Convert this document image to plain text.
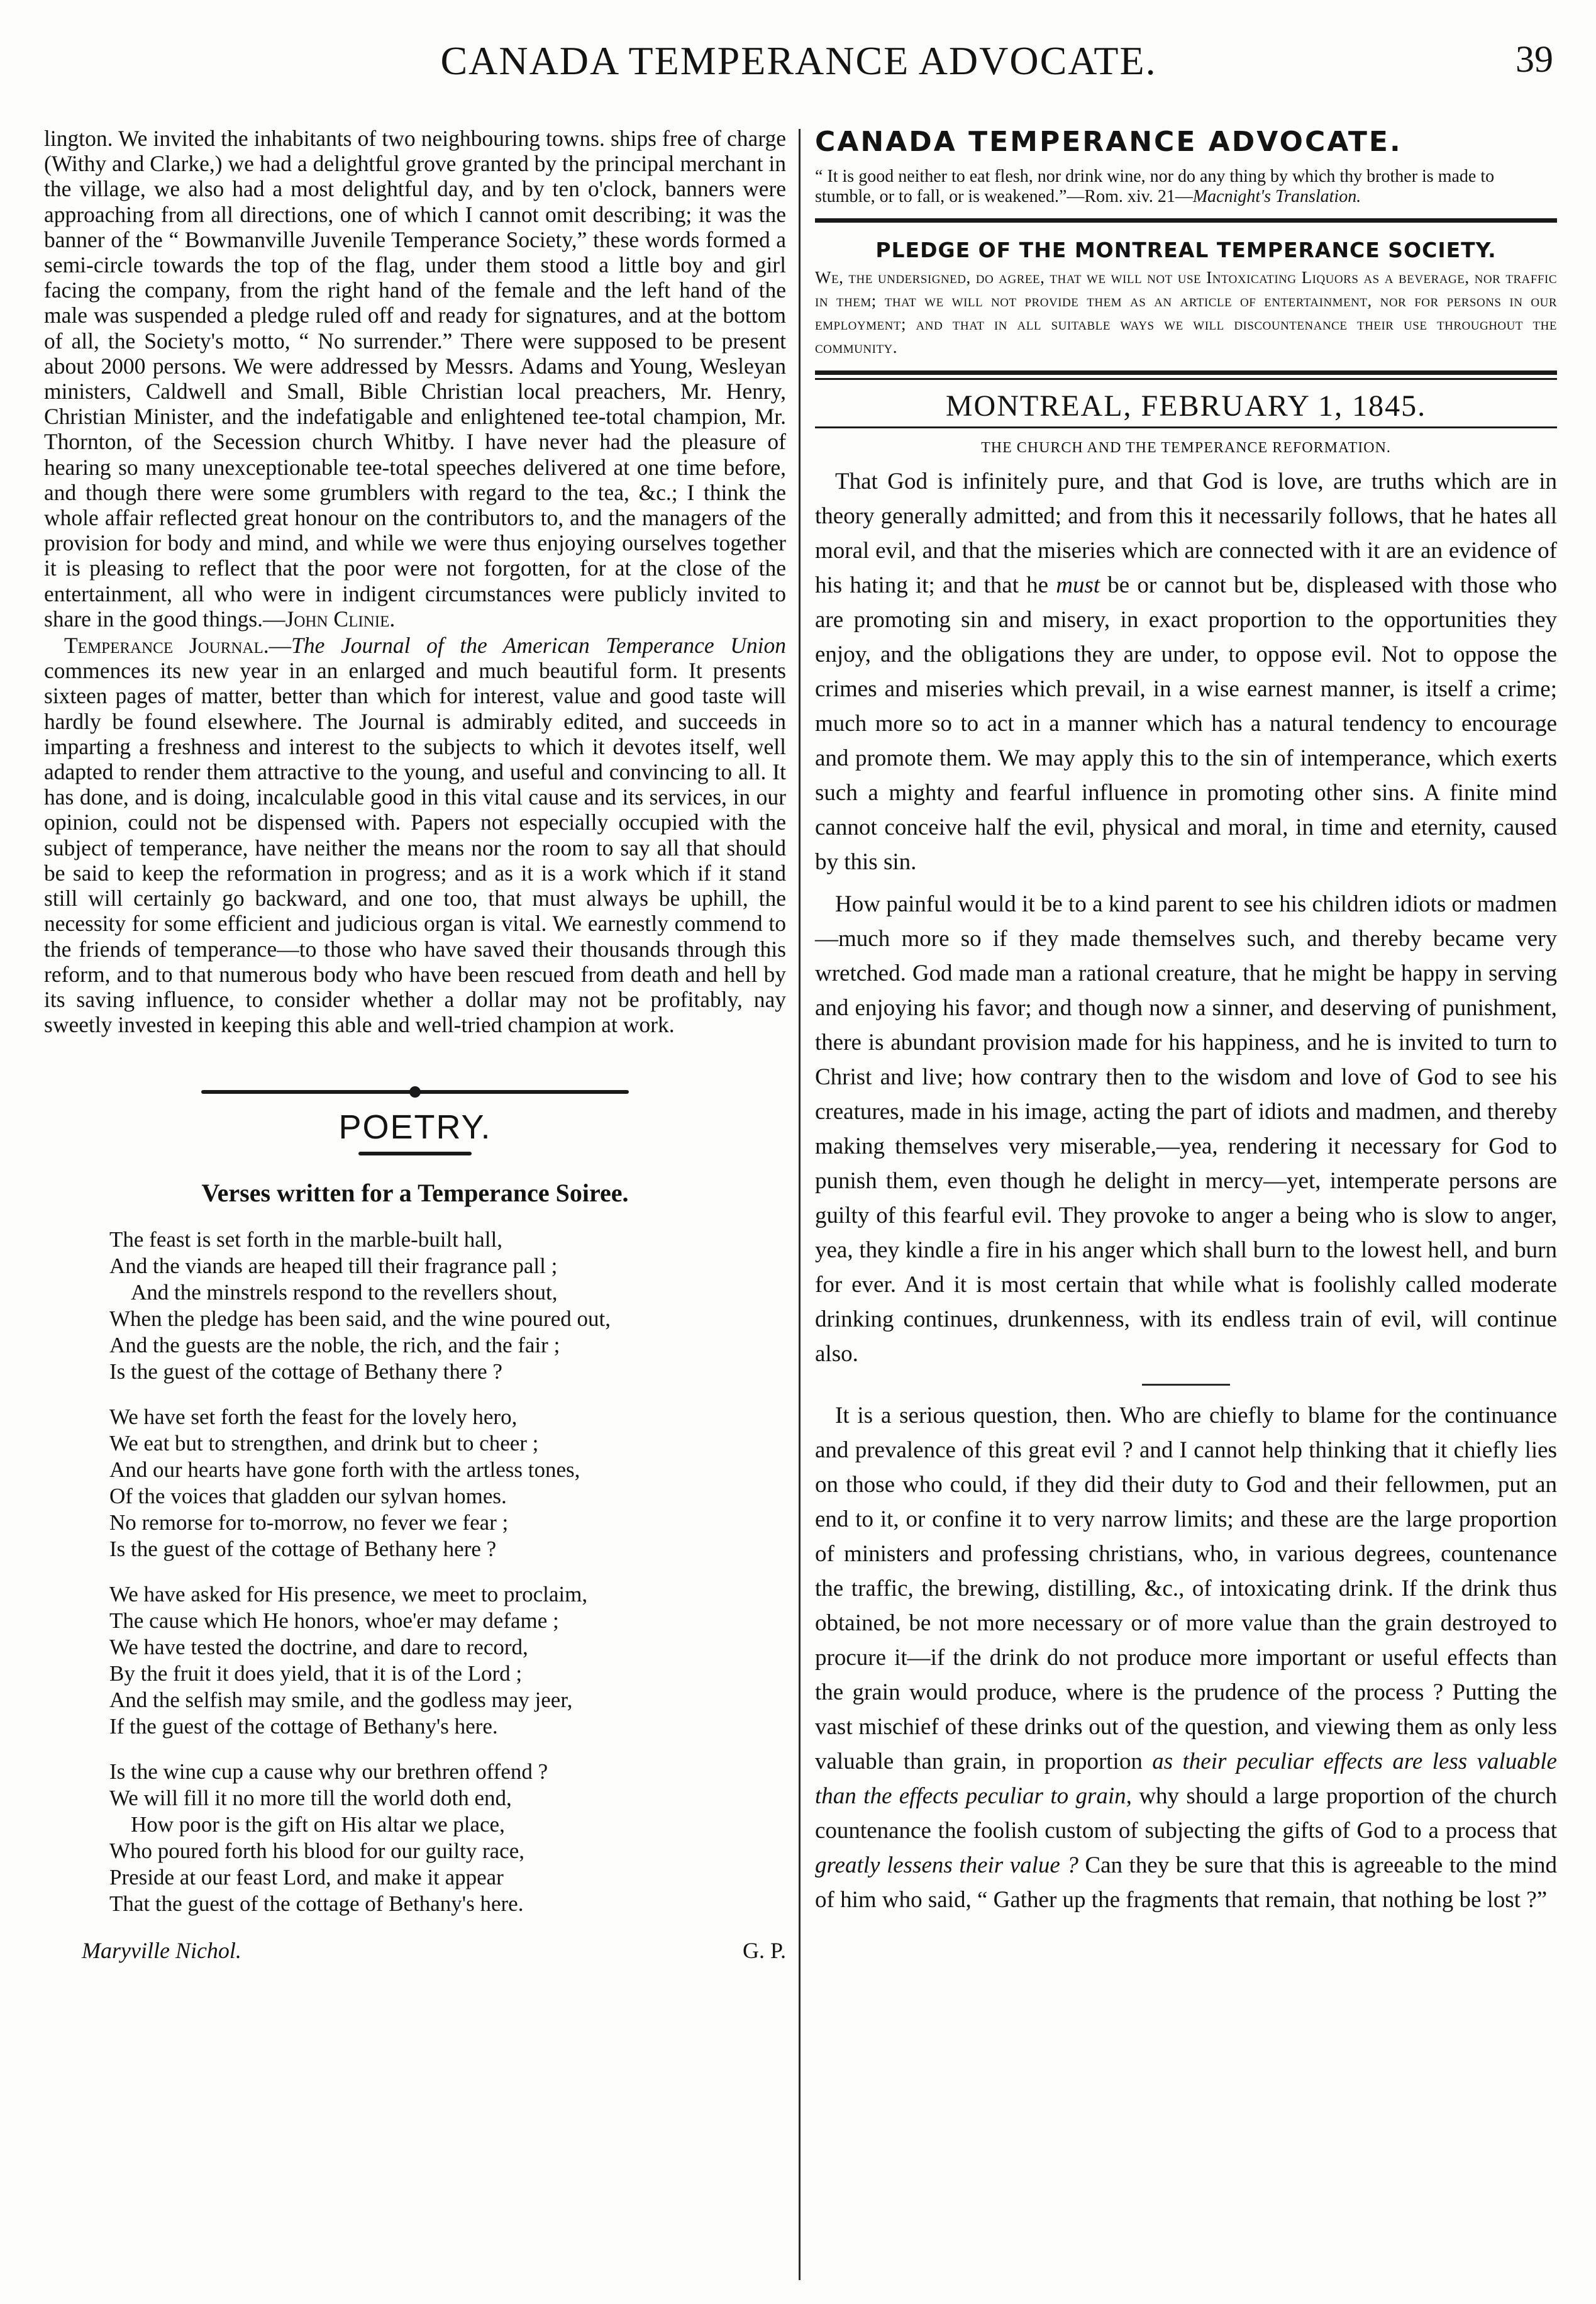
CANADA TEMPERANCE ADVOCATE.	39

lington. We invited the inhabitants of two neighbouring towns. ships free of charge (Withy and Clarke,) we had a delightful grove granted by the principal merchant in the village, we also had a most delightful day, and by ten o'clock, banners were approaching from all directions, one of which I cannot omit describing; it was the banner of the “ Bowmanville Juvenile Temperance Society,” these words formed a semi-circle towards the top of the flag, under them stood a little boy and girl facing the company, from the right hand of the female and the left hand of the male was suspended a pledge ruled off and ready for signatures, and at the bottom of all, the Society's motto, “ No surrender.” There were supposed to be present about 2000 persons. We were addressed by Messrs. Adams and Young, Wesleyan ministers, Caldwell and Small, Bible Christian local preachers, Mr. Henry, Christian Minister, and the indefatigable and enlightened tee-total champion, Mr. Thornton, of the Secession church Whitby. I have never had the pleasure of hearing so many unexceptionable tee-total speeches delivered at one time before, and though there were some grumblers with regard to the tea, &c.; I think the whole affair reflected great honour on the contributors to, and the managers of the provision for body and mind, and while we were thus enjoying ourselves together it is pleasing to reflect that the poor were not forgotten, for at the close of the entertainment, all who were in indigent circumstances were publicly invited to share in the good things.—John Clinie.

Temperance Journal.—The Journal of the American Temperance Union commences its new year in an enlarged and much beautiful form. It presents sixteen pages of matter, better than which for interest, value and good taste will hardly be found elsewhere. The Journal is admirably edited, and succeeds in imparting a freshness and interest to the subjects to which it devotes itself, well adapted to render them attractive to the young, and useful and convincing to all. It has done, and is doing, incalculable good in this vital cause and its services, in our opinion, could not be dispensed with. Papers not especially occupied with the subject of temperance, have neither the means nor the room to say all that should be said to keep the reformation in progress; and as it is a work which if it stand still will certainly go backward, and one too, that must always be uphill, the necessity for some efficient and judicious organ is vital. We earnestly commend to the friends of temperance—to those who have saved their thousands through this reform, and to that numerous body who have been rescued from death and hell by its saving influence, to consider whether a dollar may not be profitably, nay sweetly invested in keeping this able and well-tried champion at work.

POETRY.
Verses written for a Temperance Soiree.
The feast is set forth in the marble-built hall,
And the viands are heaped till their fragrance pall ;
And the minstrels respond to the revellers shout,
When the pledge has been said, and the wine poured out,
And the guests are the noble, the rich, and the fair ;
Is the guest of the cottage of Bethany there ?
We have set forth the feast for the lovely hero,
We eat but to strengthen, and drink but to cheer ;
And our hearts have gone forth with the artless tones,
Of the voices that gladden our sylvan homes.
No remorse for to-morrow, no fever we fear ;
Is the guest of the cottage of Bethany here ?
We have asked for His presence, we meet to proclaim,
The cause which He honors, whoe'er may defame ;
We have tested the doctrine, and dare to record,
By the fruit it does yield, that it is of the Lord ;
And the selfish may smile, and the godless may jeer,
If the guest of the cottage of Bethany's here.
Is the wine cup a cause why our brethren offend ?
We will fill it no more till the world doth end,
How poor is the gift on His altar we place,
Who poured forth his blood for our guilty race,
Preside at our feast Lord, and make it appear
That the guest of the cottage of Bethany's here.
Maryville Nichol.	G. P.
CANADA TEMPERANCE ADVOCATE.

“ It is good neither to eat flesh, nor drink wine, nor do any thing by which thy brother is made to stumble, or to fall, or is weakened.”—Rom. xiv. 21—Macnight's Translation.

PLEDGE OF THE MONTREAL TEMPERANCE SOCIETY.

We, the undersigned, do agree, that we will not use Intoxicating Liquors as a beverage, nor traffic in them; that we will not provide them as an article of entertainment, nor for persons in our employment; and that in all suitable ways we will discountenance their use throughout the community.

MONTREAL, FEBRUARY 1, 1845.
THE CHURCH AND THE TEMPERANCE REFORMATION.

That God is infinitely pure, and that God is love, are truths which are in theory generally admitted; and from this it necessarily follows, that he hates all moral evil, and that the miseries which are connected with it are an evidence of his hating it; and that he must be or cannot but be, displeased with those who are promoting sin and misery, in exact proportion to the opportunities they enjoy, and the obligations they are under, to oppose evil. Not to oppose the crimes and miseries which prevail, in a wise earnest manner, is itself a crime; much more so to act in a manner which has a natural tendency to encourage and promote them. We may apply this to the sin of intemperance, which exerts such a mighty and fearful influence in promoting other sins. A finite mind cannot conceive half the evil, physical and moral, in time and eternity, caused by this sin.

How painful would it be to a kind parent to see his children idiots or madmen—much more so if they made themselves such, and thereby became very wretched. God made man a rational creature, that he might be happy in serving and enjoying his favor; and though now a sinner, and deserving of punishment, there is abundant provision made for his happiness, and he is invited to turn to Christ and live; how contrary then to the wisdom and love of God to see his creatures, made in his image, acting the part of idiots and madmen, and thereby making themselves very miserable,—yea, rendering it necessary for God to punish them, even though he delight in mercy—yet, intemperate persons are guilty of this fearful evil. They provoke to anger a being who is slow to anger, yea, they kindle a fire in his anger which shall burn to the lowest hell, and burn for ever. And it is most certain that while what is foolishly called moderate drinking continues, drunkenness, with its endless train of evil, will continue also.

It is a serious question, then. Who are chiefly to blame for the continuance and prevalence of this great evil ? and I cannot help thinking that it chiefly lies on those who could, if they did their duty to God and their fellowmen, put an end to it, or confine it to very narrow limits; and these are the large proportion of ministers and professing christians, who, in various degrees, countenance the traffic, the brewing, distilling, &c., of intoxicating drink. If the drink thus obtained, be not more necessary or of more value than the grain destroyed to procure it—if the drink do not produce more important or useful effects than the grain would produce, where is the prudence of the process ? Putting the vast mischief of these drinks out of the question, and viewing them as only less valuable than grain, in proportion as their peculiar effects are less valuable than the effects peculiar to grain, why should a large proportion of the church countenance the foolish custom of subjecting the gifts of God to a process that greatly lessens their value ? Can they be sure that this is agreeable to the mind of him who said, “ Gather up the fragments that remain, that nothing be lost ?”
